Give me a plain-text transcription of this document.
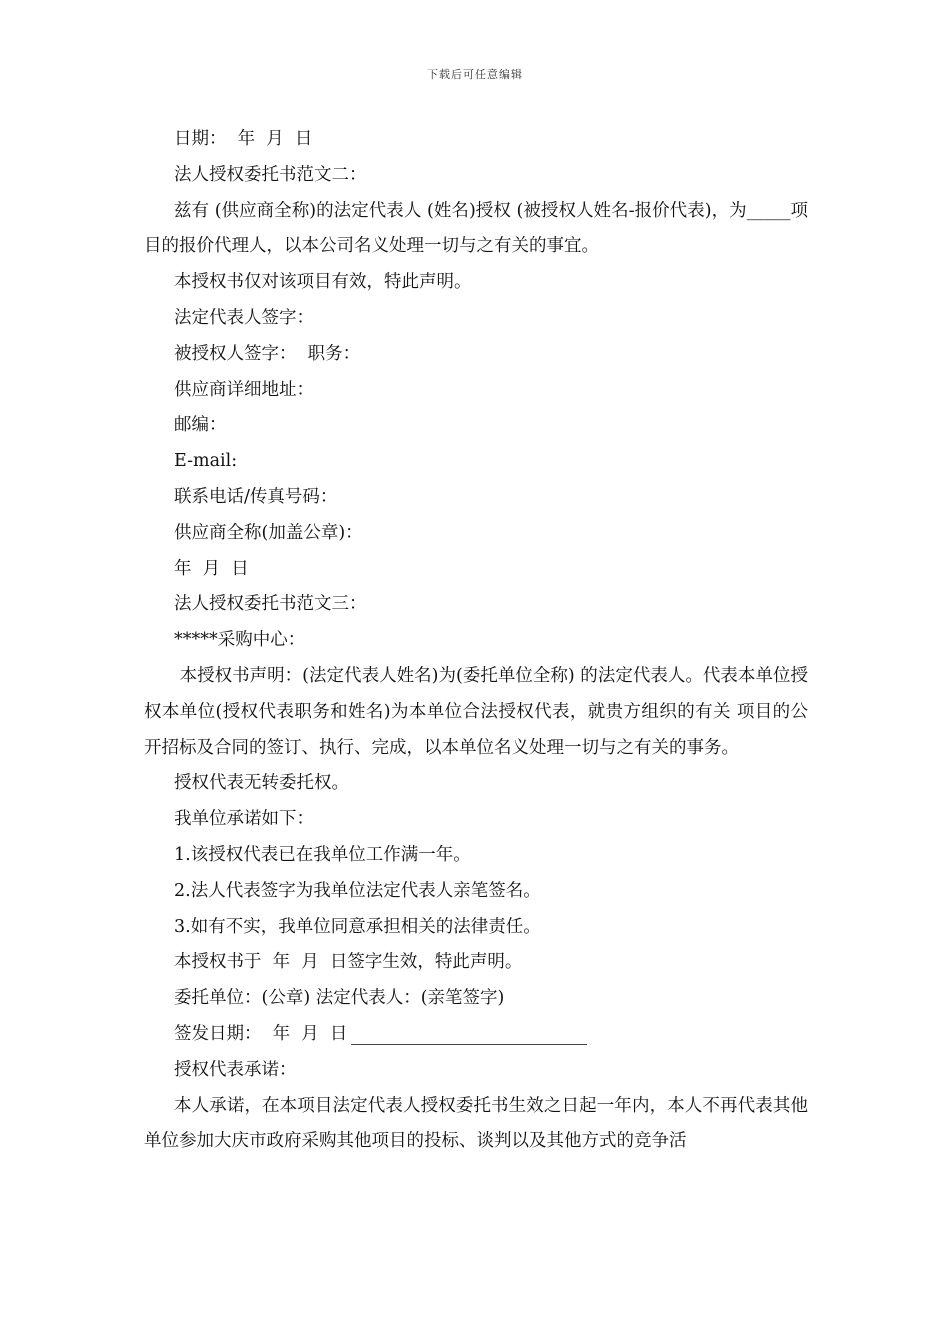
下载后可任意编辑

日期：  年  月  日

法人授权委托书范文二：

兹有 (供应商全称)的法定代表人 (姓名)授权 (被授权人姓名-报价代表)，为_____项目的报价代理人，以本公司名义处理一切与之有关的事宜。

本授权书仅对该项目有效，特此声明。

法定代表人签字：

被授权人签字：  职务：

供应商详细地址：

邮编：

E-mail:

联系电话/传真号码：

供应商全称(加盖公章)：

年  月  日

法人授权委托书范文三：

*****采购中心：

本授权书声明：(法定代表人姓名)为(委托单位全称) 的法定代表人。代表本单位授权本单位(授权代表职务和姓名)为本单位合法授权代表，就贵方组织的有关 项目的公开招标及合同的签订、执行、完成，以本单位名义处理一切与之有关的事务。

授权代表无转委托权。

我单位承诺如下：

1.该授权代表已在我单位工作满一年。

2.法人代表签字为我单位法定代表人亲笔签名。

3.如有不实，我单位同意承担相关的法律责任。

本授权书于  年  月  日签字生效，特此声明。

委托单位：(公章) 法定代表人：(亲笔签字)

签发日期：  年  月  日

授权代表承诺：

本人承诺，在本项目法定代表人授权委托书生效之日起一年内，本人不再代表其他单位参加大庆市政府采购其他项目的投标、谈判以及其他方式的竞争活
